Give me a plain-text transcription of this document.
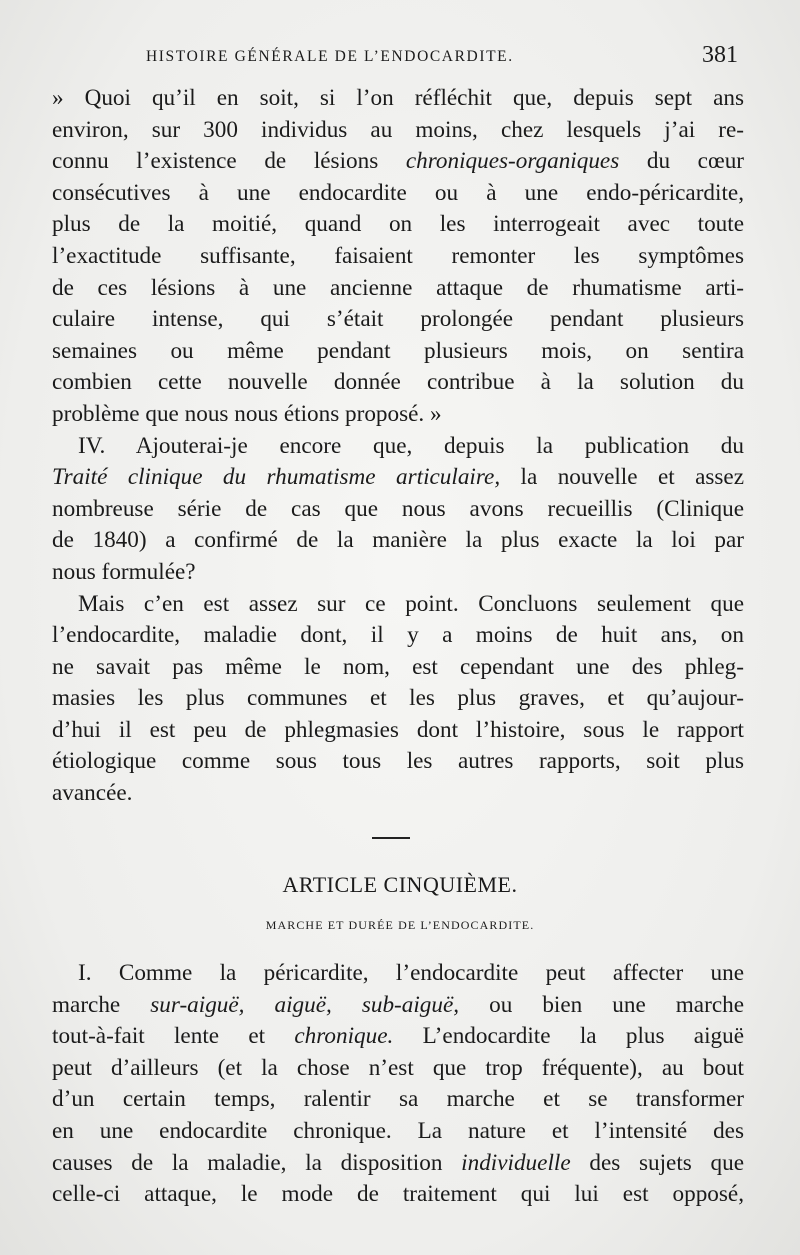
HISTOIRE GÉNÉRALE DE L’ENDOCARDITE.	381

» Quoi qu’il en soit, si l’on réfléchit que, depuis sept ans
environ, sur 300 individus au moins, chez lesquels j’ai re-
connu l’existence de lésions chroniques-organiques du cœur
consécutives à une endocardite ou à une endo-péricardite,
plus de la moitié, quand on les interrogeait avec toute
l’exactitude suffisante, faisaient remonter les symptômes
de ces lésions à une ancienne attaque de rhumatisme arti-
culaire intense, qui s’était prolongée pendant plusieurs
semaines ou même pendant plusieurs mois, on sentira
combien cette nouvelle donnée contribue à la solution du
problème que nous nous étions proposé. »

IV. Ajouterai-je encore que, depuis la publication du
Traité clinique du rhumatisme articulaire, la nouvelle et assez
nombreuse série de cas que nous avons recueillis (Clinique
de 1840) a confirmé de la manière la plus exacte la loi par
nous formulée?

Mais c’en est assez sur ce point. Concluons seulement que
l’endocardite, maladie dont, il y a moins de huit ans, on
ne savait pas même le nom, est cependant une des phleg-
masies les plus communes et les plus graves, et qu’aujour-
d’hui il est peu de phlegmasies dont l’histoire, sous le rapport
étiologique comme sous tous les autres rapports, soit plus
avancée.

ARTICLE CINQUIÈME.
MARCHE ET DURÉE DE L’ENDOCARDITE.

I. Comme la péricardite, l’endocardite peut affecter une
marche sur-aiguë, aiguë, sub-aiguë, ou bien une marche
tout-à-fait lente et chronique. L’endocardite la plus aiguë
peut d’ailleurs (et la chose n’est que trop fréquente), au bout
d’un certain temps, ralentir sa marche et se transformer
en une endocardite chronique. La nature et l’intensité des
causes de la maladie, la disposition individuelle des sujets que
celle-ci attaque, le mode de traitement qui lui est opposé,
